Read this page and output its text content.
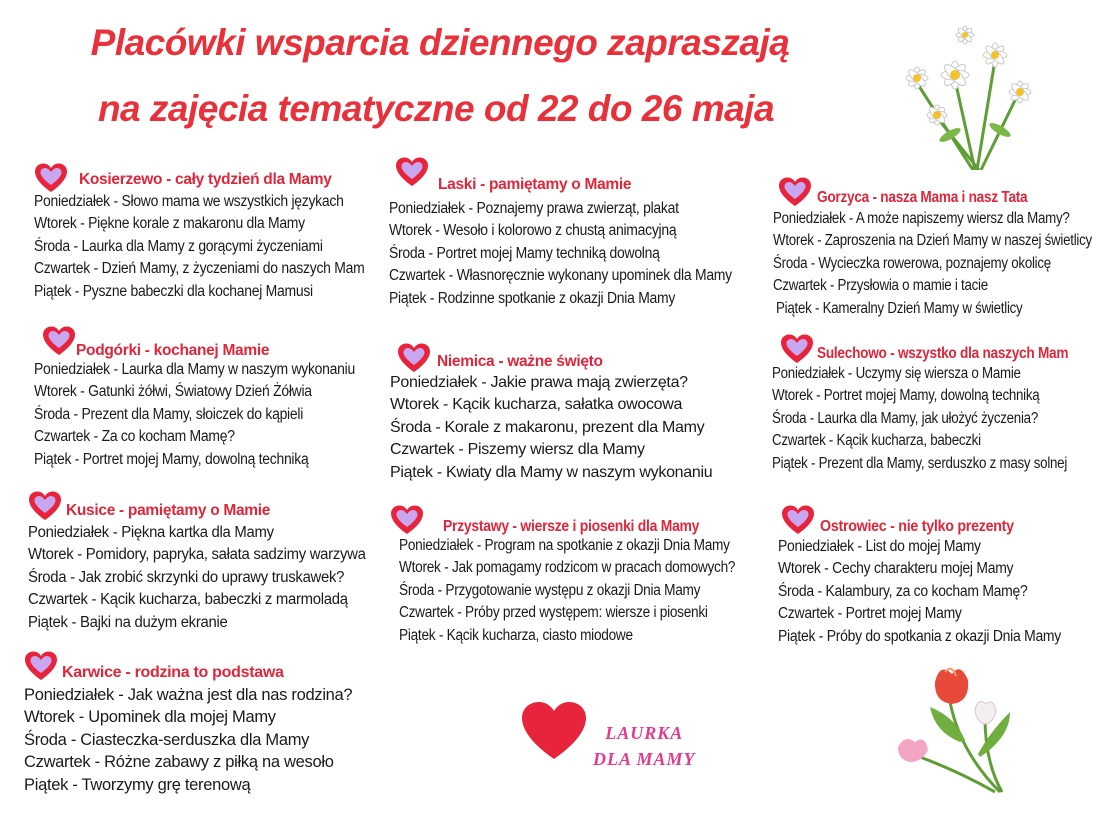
Placówki wsparcia dziennego zapraszają
na zajęcia tematyczne od 22 do 26 maja
Kosierzewo - cały tydzień dla Mamy
Poniedziałek - Słowo mama we wszystkich językach
Wtorek - Piękne korale z makaronu dla Mamy
Środa - Laurka dla Mamy z gorącymi życzeniami
Czwartek - Dzień Mamy, z życzeniami do naszych Mam
Piątek - Pyszne babeczki dla kochanej Mamusi
Podgórki - kochanej Mamie
Poniedziałek - Laurka dla Mamy w naszym wykonaniu
Wtorek - Gatunki żółwi, Światowy Dzień Żółwia
Środa - Prezent dla Mamy, słoiczek do kąpieli
Czwartek - Za co kocham Mamę?
Piątek - Portret mojej Mamy, dowolną techniką
Kusice - pamiętamy o Mamie
Poniedziałek - Piękna kartka dla Mamy
Wtorek - Pomidory, papryka, sałata sadzimy warzywa
Środa - Jak zrobić skrzynki do uprawy truskawek?
Czwartek - Kącik kucharza, babeczki z marmoladą
Piątek - Bajki na dużym ekranie
Karwice - rodzina to podstawa
Poniedziałek - Jak ważna jest dla nas rodzina?
Wtorek - Upominek dla mojej Mamy
Środa - Ciasteczka-serduszka dla Mamy
Czwartek - Różne zabawy z piłką na wesoło
Piątek - Tworzymy grę terenową
Laski - pamiętamy o Mamie
Poniedziałek - Poznajemy prawa zwierząt, plakat
Wtorek - Wesoło i kolorowo z chustą animacyjną
Środa - Portret mojej Mamy techniką dowolną
Czwartek - Własnoręcznie wykonany upominek dla Mamy
Piątek - Rodzinne spotkanie z okazji Dnia Mamy
Niemica - ważne święto
Poniedziałek - Jakie prawa mają zwierzęta?
Wtorek - Kącik kucharza, sałatka owocowa
Środa - Korale z makaronu, prezent dla Mamy
Czwartek - Piszemy wiersz dla Mamy
Piątek - Kwiaty dla Mamy w naszym wykonaniu
Przystawy - wiersze i piosenki dla Mamy
Poniedziałek - Program na spotkanie z okazji Dnia Mamy
Wtorek - Jak pomagamy rodzicom w pracach domowych?
Środa - Przygotowanie występu z okazji Dnia Mamy
Czwartek - Próby przed występem: wiersze i piosenki
Piątek - Kącik kucharza, ciasto miodowe
Gorzyca - nasza Mama i nasz Tata
Poniedziałek - A może napiszemy wiersz dla Mamy?
Wtorek - Zaproszenia na Dzień Mamy w naszej świetlicy
Środa - Wycieczka rowerowa, poznajemy okolicę
Czwartek - Przysłowia o mamie i tacie
Piątek - Kameralny Dzień Mamy w świetlicy
Sulechowo - wszystko dla naszych Mam
Poniedziałek - Uczymy się wiersza o Mamie
Wtorek - Portret mojej Mamy, dowolną techniką
Środa - Laurka dla Mamy, jak ułożyć życzenia?
Czwartek - Kącik kucharza, babeczki
Piątek - Prezent dla Mamy, serduszko z masy solnej
Ostrowiec - nie tylko prezenty
Poniedziałek - List do mojej Mamy
Wtorek - Cechy charakteru mojej Mamy
Środa - Kalambury, za co kocham Mamę?
Czwartek - Portret mojej Mamy
Piątek - Próby do spotkania z okazji Dnia Mamy
LAURKA
DLA MAMY
